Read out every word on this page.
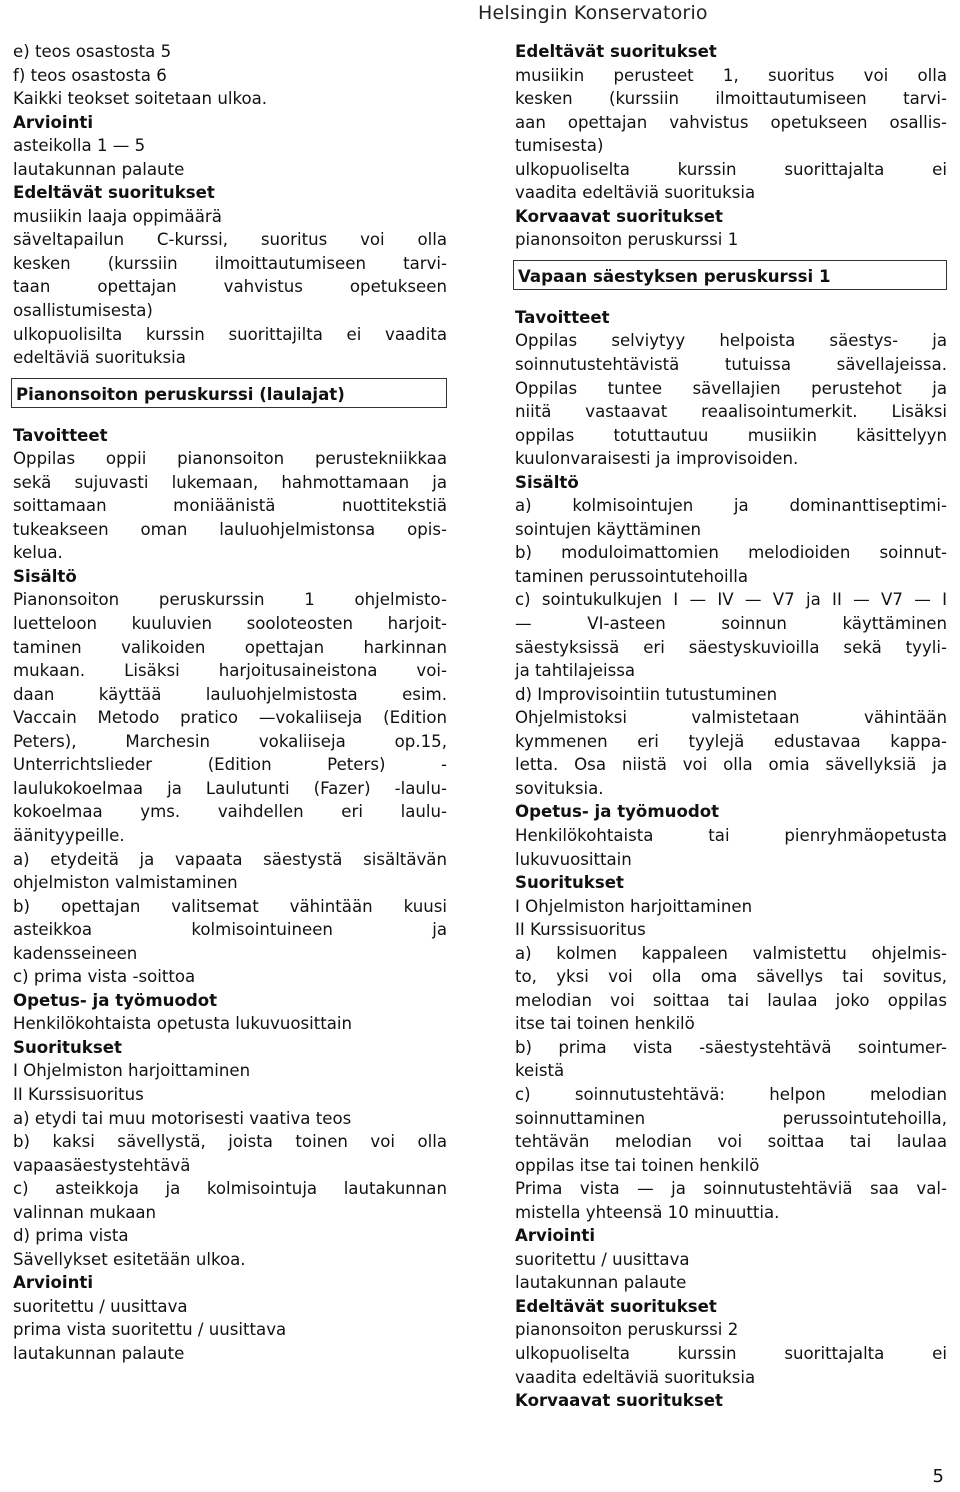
Helsingin Konservatorio
e) teos osastosta 5
f) teos osastosta 6
Kaikki teokset soitetaan ulkoa.
Arviointi
asteikolla 1 — 5
lautakunnan palaute
Edeltävät suoritukset
musiikin laaja oppimäärä
säveltapailun C-kurssi, suoritus voi olla
kesken (kurssiin ilmoittautumiseen tarvi-
taan opettajan vahvistus opetukseen
osallistumisesta)
ulkopuolisilta kurssin suorittajilta ei vaadita
edeltäviä suorituksia
Pianonsoiton peruskurssi (laulajat)
Tavoitteet
Oppilas oppii pianonsoiton perustekniikkaa
sekä sujuvasti lukemaan, hahmottamaan ja
soittamaan moniäänistä nuottitekstiä
tukeakseen oman lauluohjelmistonsa opis-
kelua.
Sisältö
Pianonsoiton peruskurssin 1 ohjelmisto-
luetteloon kuuluvien sooloteosten harjoit-
taminen valikoiden opettajan harkinnan
mukaan. Lisäksi harjoitusaineistona voi-
daan käyttää lauluohjelmistosta esim.
Vaccain Metodo pratico —vokaliiseja (Edition
Peters), Marchesin vokaliiseja op.15,
Unterrichtslieder (Edition Peters) -
laulukokoelmaa ja Laulutunti (Fazer) -laulu-
kokoelmaa yms. vaihdellen eri laulu-
äänityypeille.
a) etydeitä ja vapaata säestystä sisältävän
ohjelmiston valmistaminen
b) opettajan valitsemat vähintään kuusi
asteikkoa kolmisointuineen ja
kadensseineen
c) prima vista -soittoa
Opetus- ja työmuodot
Henkilökohtaista opetusta lukuvuosittain
Suoritukset
I Ohjelmiston harjoittaminen
II Kurssisuoritus
a) etydi tai muu motorisesti vaativa teos
b) kaksi sävellystä, joista toinen voi olla
vapaasäestystehtävä
c) asteikkoja ja kolmisointuja lautakunnan
valinnan mukaan
d) prima vista
Sävellykset esitetään ulkoa.
Arviointi
suoritettu / uusittava
prima vista suoritettu / uusittava
lautakunnan palaute
Edeltävät suoritukset
musiikin perusteet 1, suoritus voi olla
kesken (kurssiin ilmoittautumiseen tarvi-
aan opettajan vahvistus opetukseen osallis-
tumisesta)
ulkopuoliselta kurssin suorittajalta ei
vaadita edeltäviä suorituksia
Korvaavat suoritukset
pianonsoiton peruskurssi 1
Vapaan säestyksen peruskurssi 1
Tavoitteet
Oppilas selviytyy helpoista säestys- ja
soinnutustehtävistä tutuissa sävellajeissa.
Oppilas tuntee sävellajien perustehot ja
niitä vastaavat reaalisointumerkit. Lisäksi
oppilas totuttautuu musiikin käsittelyyn
kuulonvaraisesti ja improvisoiden.
Sisältö
a) kolmisointujen ja dominanttiseptimi-
sointujen käyttäminen
b) moduloimattomien melodioiden soinnut-
taminen perussointutehoilla
c) sointukulkujen I — IV — V7 ja II — V7 — I
— VI-asteen soinnun käyttäminen
säestyksissä eri säestyskuvioilla sekä tyyli-
ja tahtilajeissa
d) Improvisointiin tutustuminen
Ohjelmistoksi valmistetaan vähintään
kymmenen eri tyylejä edustavaa kappa-
letta. Osa niistä voi olla omia sävellyksiä ja
sovituksia.
Opetus- ja työmuodot
Henkilökohtaista tai pienryhmäopetusta
lukuvuosittain
Suoritukset
I Ohjelmiston harjoittaminen
II Kurssisuoritus
a) kolmen kappaleen valmistettu ohjelmis-
to, yksi voi olla oma sävellys tai sovitus,
melodian voi soittaa tai laulaa joko oppilas
itse tai toinen henkilö
b) prima vista -säestystehtävä sointumer-
keistä
c) soinnutustehtävä: helpon melodian
soinnuttaminen perussointutehoilla,
tehtävän melodian voi soittaa tai laulaa
oppilas itse tai toinen henkilö
Prima vista — ja soinnutustehtäviä saa val-
mistella yhteensä 10 minuuttia.
Arviointi
suoritettu / uusittava
lautakunnan palaute
Edeltävät suoritukset
pianonsoiton peruskurssi 2
ulkopuoliselta kurssin suorittajalta ei
vaadita edeltäviä suorituksia
Korvaavat suoritukset
5
